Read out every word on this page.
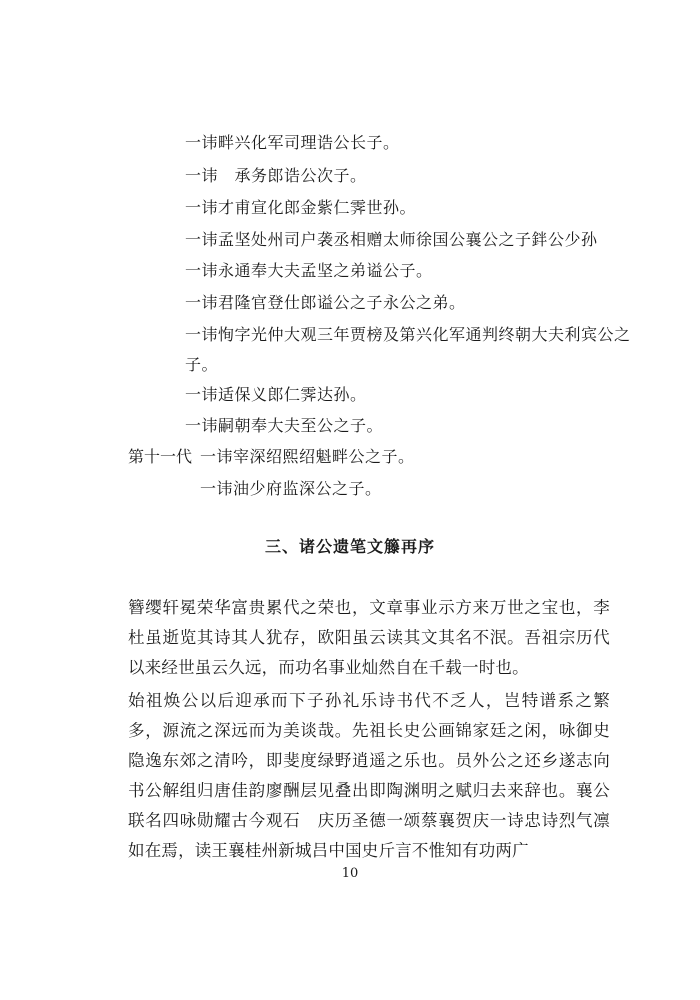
一讳畔兴化军司理诰公长子。
一讳　承务郎诰公次子。
一讳才甫宣化郎金紫仁霁世孙。
一讳孟坚处州司户袭丞相赠太师徐国公襄公之子鉡公少孙
一讳永通奉大夫孟坚之弟谥公子。
一讳君隆官登仕郎谥公之子永公之弟。
一讳恂字光仲大观三年贾榜及第兴化军通判终朝大夫利宾公之
子。
一讳适保义郎仁霁达孙。
一讳嗣朝奉大夫至公之子。
第十一代 一讳宰深绍熙绍魁畔公之子。
一讳油少府监深公之子。
三、诸公遗笔文籐再序
簪缨轩冕荣华富贵累代之荣也，文章事业示方来万世之宝也，李杜虽逝览其诗其人犹存，欧阳虽云读其文其名不泯。吾祖宗历代以来经世虽云久远，而功名事业灿然自在千载一时也。
始祖焕公以后迎承而下子孙礼乐诗书代不乏人，岂特谱系之繁多，源流之深远而为美谈哉。先祖长史公画锦家廷之闲，咏御史隐逸东郊之清吟，即斐度绿野逍遥之乐也。员外公之还乡遂志向书公解组归唐佳韵廖酬层见叠出即陶渊明之赋归去来辞也。襄公联名四咏勋耀古今观石　庆历圣德一颂蔡襄贺庆一诗忠诗烈气凛如在焉，读王襄桂州新城吕中国史斤言不惟知有功两广
10
